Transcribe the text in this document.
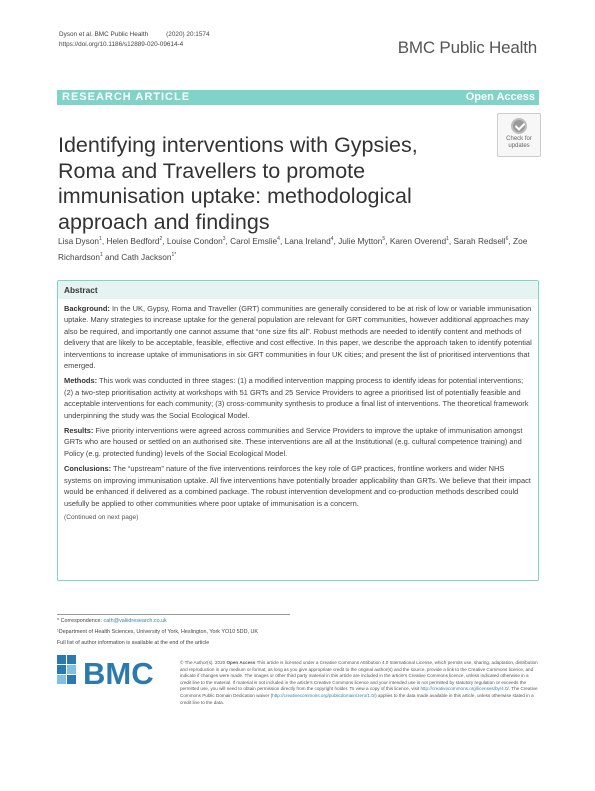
Dyson et al. BMC Public Health	(2020) 20:1574
https://doi.org/10.1186/s12889-020-09614-4	BMC Public Health
RESEARCH ARTICLE	Open Access
Identifying interventions with Gypsies, Roma and Travellers to promote immunisation uptake: methodological approach and findings
Check for
updates
Lisa Dyson$^1$, Helen Bedford$^2$, Louise Condon$^3$, Carol Emslie$^4$, Lana Ireland$^4$, Julie Mytton$^5$, Karen Overend$^1$, Sarah Redsell$^6$, Zoe Richardson$^1$ and Cath Jackson$^{1*}$
Abstract

Background: In the UK, Gypsy, Roma and Traveller (GRT) communities are generally considered to be at risk of low or variable immunisation uptake. Many strategies to increase uptake for the general population are relevant for GRT communities, however additional approaches may also be required, and importantly one cannot assume that “one size fits all”. Robust methods are needed to identify content and methods of delivery that are likely to be acceptable, feasible, effective and cost effective. In this paper, we describe the approach taken to identify potential interventions to increase uptake of immunisations in six GRT communities in four UK cities; and present the list of prioritised interventions that emerged.

Methods: This work was conducted in three stages: (1) a modified intervention mapping process to identify ideas for potential interventions; (2) a two-step prioritisation activity at workshops with 51 GRTs and 25 Service Providers to agree a prioritised list of potentially feasible and acceptable interventions for each community; (3) cross-community synthesis to produce a final list of interventions. The theoretical framework underpinning the study was the Social Ecological Model.

Results: Five priority interventions were agreed across communities and Service Providers to improve the uptake of immunisation amongst GRTs who are housed or settled on an authorised site. These interventions are all at the Institutional (e.g. cultural competence training) and Policy (e.g. protected funding) levels of the Social Ecological Model.

Conclusions: The “upstream” nature of the five interventions reinforces the key role of GP practices, frontline workers and wider NHS systems on improving immunisation uptake. All five interventions have potentially broader applicability than GRTs. We believe that their impact would be enhanced if delivered as a combined package. The robust intervention development and co-production methods described could usefully be applied to other communities where poor uptake of immunisation is a concern.

(Continued on next page)

* Correspondence: cath@valiidresearch.co.uk

¹Department of Health Sciences, University of York, Heslington, York YO10 5DD, UK

Full list of author information is available at the end of the article

BMC	© The Author(s). 2020 Open Access This article is licensed under a Creative Commons Attribution 4.0 International License, which permits use, sharing, adaptation, distribution and reproduction in any medium or format, as long as you give appropriate credit to the original author(s) and the source, provide a link to the Creative Commons licence, and indicate if changes were made. The images or other third party material in this article are included in the article's Creative Commons licence, unless indicated otherwise in a credit line to the material. If material is not included in the article's Creative Commons licence and your intended use is not permitted by statutory regulation or exceeds the permitted use, you will need to obtain permission directly from the copyright holder. To view a copy of this licence, visit http://creativecommons.org/licenses/by/4.0/. The Creative Commons Public Domain Dedication waiver (http://creativecommons.org/publicdomain/zero/1.0/) applies to the data made available in this article, unless otherwise stated in a credit line to the data.
